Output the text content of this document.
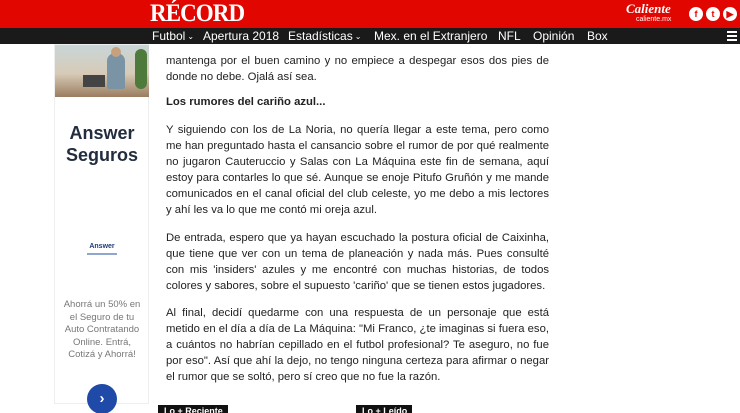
RÉCORD	Caliente
caliente.mx
f	t	▶
Futbol ⌄ Apertura 2018 Estadísticas ⌄ Mex. en el Extranjero NFL Opinión Box
Answer Seguros
Answer
Ahorrá un 50% en el Seguro de tu Auto Contratando Online. Entrá, Cotizá y Ahorrá!
›
mantenga por el buen camino y no empiece a despegar esos dos pies de donde no debe. Ojalá así sea.
Los rumores del cariño azul...
Y siguiendo con los de La Noria, no quería llegar a este tema, pero como me han preguntado hasta el cansancio sobre el rumor de por qué realmente no jugaron Cauteruccio y Salas con La Máquina este fin de semana, aquí estoy para contarles lo que sé. Aunque se enoje Pitufo Gruñón y me mande comunicados en el canal oficial del club celeste, yo me debo a mis lectores y ahí les va lo que me contó mi oreja azul.
De entrada, espero que ya hayan escuchado la postura oficial de Caixinha, que tiene que ver con un tema de planeación y nada más. Pues consulté con mis 'insiders' azules y me encontré con muchas historias, de todos colores y sabores, sobre el supuesto 'cariño' que se tienen estos jugadores.
Al final, decidí quedarme con una respuesta de un personaje que está metido en el día a día de La Máquina: "Mi Franco, ¿te imaginas si fuera eso, a cuántos no habrían cepillado en el futbol profesional? Te aseguro, no fue por eso". Así que ahí la dejo, no tengo ninguna certeza para afirmar o negar el rumor que se soltó, pero sí creo que no fue la razón.
Lo + Reciente	Lo + Leído
